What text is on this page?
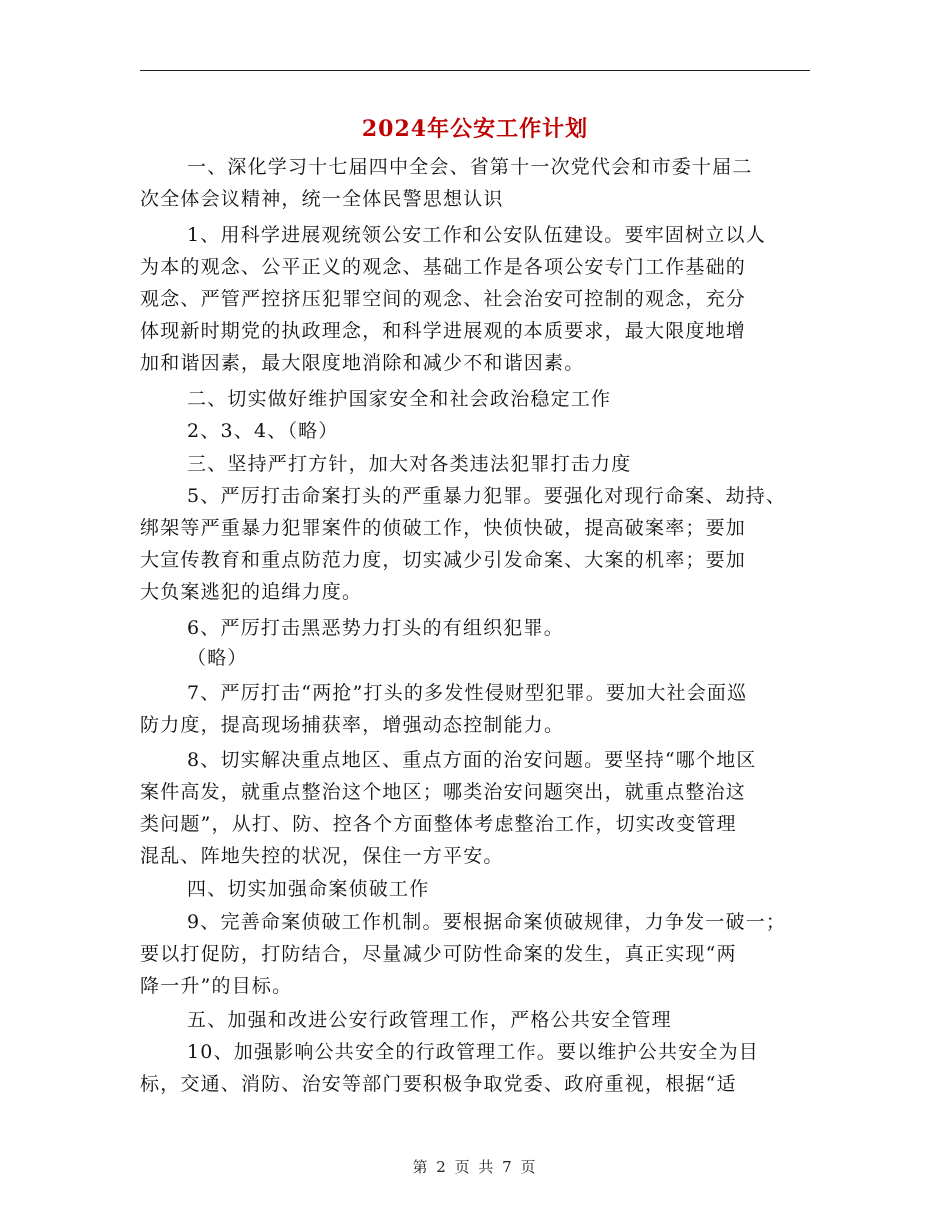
2024年公安工作计划
一、深化学习十七届四中全会、省第十一次党代会和市委十届二
次全体会议精神，统一全体民警思想认识
1、用科学进展观统领公安工作和公安队伍建设。要牢固树立以人
为本的观念、公平正义的观念、基础工作是各项公安专门工作基础的
观念、严管严控挤压犯罪空间的观念、社会治安可控制的观念，充分
体现新时期党的执政理念，和科学进展观的本质要求，最大限度地增
加和谐因素，最大限度地消除和减少不和谐因素。
二、切实做好维护国家安全和社会政治稳定工作
2、3、4、（略）
三、坚持严打方针，加大对各类违法犯罪打击力度
5、严厉打击命案打头的严重暴力犯罪。要强化对现行命案、劫持、
绑架等严重暴力犯罪案件的侦破工作，快侦快破，提高破案率；要加
大宣传教育和重点防范力度，切实减少引发命案、大案的机率；要加
大负案逃犯的追缉力度。
6、严厉打击黑恶势力打头的有组织犯罪。
（略）
7、严厉打击“两抢”打头的多发性侵财型犯罪。要加大社会面巡
防力度，提高现场捕获率，增强动态控制能力。
8、切实解决重点地区、重点方面的治安问题。要坚持“哪个地区
案件高发，就重点整治这个地区；哪类治安问题突出，就重点整治这
类问题”，从打、防、控各个方面整体考虑整治工作，切实改变管理
混乱、阵地失控的状况，保住一方平安。
四、切实加强命案侦破工作
9、完善命案侦破工作机制。要根据命案侦破规律，力争发一破一；
要以打促防，打防结合，尽量减少可防性命案的发生，真正实现“两
降一升”的目标。
五、加强和改进公安行政管理工作，严格公共安全管理
10、加强影响公共安全的行政管理工作。要以维护公共安全为目
标，交通、消防、治安等部门要积极争取党委、政府重视，根据“适
第 2 页 共 7 页
